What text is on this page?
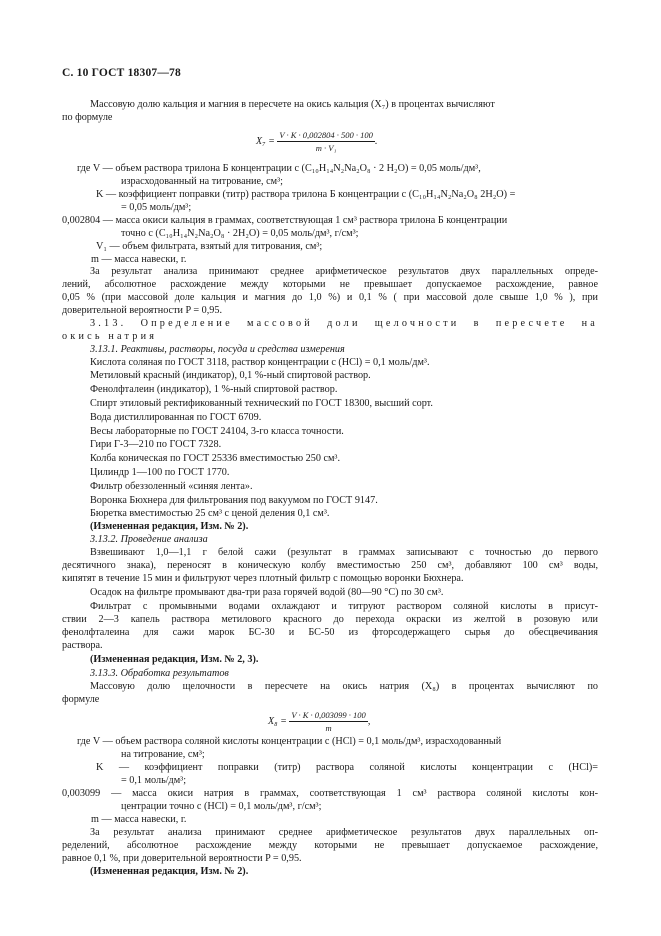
С. 10 ГОСТ 18307—78
Массовую долю кальция и магния в пересчете на окись кальция (X₇) в процентах вычисляют
по формуле
$X_7 = \frac{V \cdot K \cdot 0,002804 \cdot 500 \cdot 100}{\text{m · V₁}}$ .
где V — объем раствора трилона Б концентрации c (C₁₀H₁₄N₂Na₂O₈ · 2 H₂O) = 0,05 моль/дм³,
израсходованный на титрование, см³;
K — коэффициент поправки (титр) раствора трилона Б концентрации c (C₁₀H₁₄N₂Na₂O₈ 2H₂O) =
= 0,05 моль/дм³;
0,002804 — масса окиси кальция в граммах, соответствующая 1 см³ раствора трилона Б концентрации
точно c (C₁₀H₁₄N₂Na₂O₈ · 2H₂O) = 0,05 моль/дм³, г/см³;
V₁ — объем фильтрата, взятый для титрования, см³;
m — масса навески, г.
За результат анализа принимают среднее арифметическое результатов двух параллельных опреде-
лений, абсолютное расхождение между которыми не превышает допускаемое расхождение, равное
0,05 % (при массовой доле кальция и магния до 1,0 %) и 0,1 % ( при массовой доле свыше 1,0 % ), при
доверительной вероятности P = 0,95.
3.13. Определение массовой доли щелочности в пересчете на
окись натрия
3.13.1. Реактивы, растворы, посуда и средства измерения
Кислота соляная по ГОСТ 3118, раствор концентрации c (HCl) = 0,1 моль/дм³.
Метиловый красный (индикатор), 0,1 %-ный спиртовой раствор.
Фенолфталеин (индикатор), 1 %-ный спиртовой раствор.
Спирт этиловый ректификованный технический по ГОСТ 18300, высший сорт.
Вода дистиллированная по ГОСТ 6709.
Весы лабораторные по ГОСТ 24104, 3-го класса точности.
Гири Г-3—210 по ГОСТ 7328.
Колба коническая по ГОСТ 25336 вместимостью 250 см³.
Цилиндр 1—100 по ГОСТ 1770.
Фильтр обеззоленный «синяя лента».
Воронка Бюхнера для фильтрования под вакуумом по ГОСТ 9147.
Бюретка вместимостью 25 см³ с ценой деления 0,1 см³.
(Измененная редакция, Изм. № 2).
3.13.2. Проведение анализа
Взвешивают 1,0—1,1 г белой сажи (результат в граммах записывают с точностью до первого
десятичного знака), переносят в коническую колбу вместимостью 250 см³, добавляют 100 см³ воды,
кипятят в течение 15 мин и фильтруют через плотный фильтр с помощью воронки Бюхнера.
Осадок на фильтре промывают два-три раза горячей водой (80—90 °С) по 30 см³.
Фильтрат с промывными водами охлаждают и титруют раствором соляной кислоты в присут-
ствии 2—3 капель раствора метилового красного до перехода окраски из желтой в розовую или
фенолфталеина для сажи марок БС-30 и БС-50 из фторсодержащего сырья до обесцвечивания
раствора.
(Измененная редакция, Изм. № 2, 3).
3.13.3. Обработка результатов
Массовую долю щелочности в пересчете на окись натрия (X₈) в процентах вычисляют по
формуле
$X_8 = \frac{V \cdot K \cdot 0,003099 \cdot 100}{m}$ ,
где V — объем раствора соляной кислоты концентрации c (HCl) = 0,1 моль/дм³, израсходованный
на титрование, см³;
K — коэффициент поправки (титр) раствора соляной кислоты концентрации c (HCl)=
= 0,1 моль/дм³;
0,003099 — масса окиси натрия в граммах, соответствующая 1 см³ раствора соляной кислоты кон-
центрации точно c (HCl) = 0,1 моль/дм³, г/см³;
m — масса навески, г.
За результат анализа принимают среднее арифметическое результатов двух параллельных оп-
ределений, абсолютное расхождение между которыми не превышает допускаемое расхождение,
равное 0,1 %, при доверительной вероятности P = 0,95.
(Измененная редакция, Изм. № 2).
